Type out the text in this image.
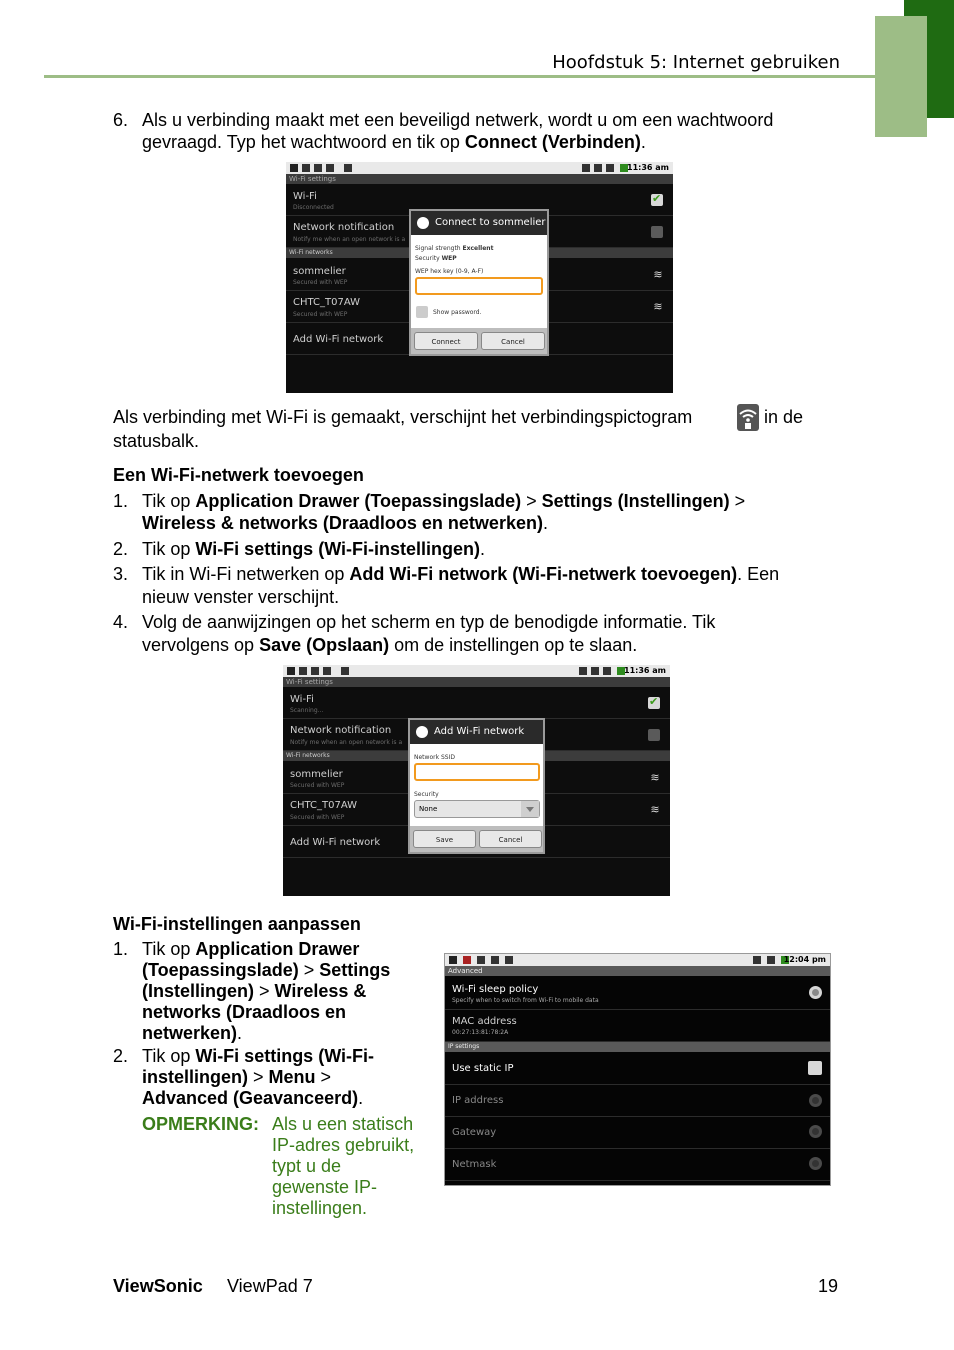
Hoofdstuk 5: Internet gebruiken
6. Als u verbinding maakt met een beveiligd netwerk, wordt u om een wachtwoord
gevraagd. Typ het wachtwoord en tik op Connect (Verbinden).
11:36 am
Wi-Fi settings
Wi-Fi
Disconnected
✔
Network notification
Notify me when an open network is a
Wi-Fi networks
sommelier
Secured with WEP
≋
CHTC_T07AW
Secured with WEP
≋
Add Wi-Fi network
Connect to sommelier
Signal strength Excellent
Security WEP
WEP hex key (0-9, A-F)
Show password.
Connect	Cancel
Als verbinding met Wi-Fi is gemaakt, verschijnt het verbindingspictogram	in de
statusbalk.
Een Wi-Fi-netwerk toevoegen
1. Tik op Application Drawer (Toepassingslade) > Settings (Instellingen) >
Wireless & networks (Draadloos en netwerken).
2. Tik op Wi-Fi settings (Wi-Fi-instellingen).
3. Tik in Wi-Fi netwerken op Add Wi-Fi network (Wi-Fi-netwerk toevoegen). Een
nieuw venster verschijnt.
4. Volg de aanwijzingen op het scherm en typ de benodigde informatie. Tik
vervolgens op Save (Opslaan) om de instellingen op te slaan.
11:36 am
Wi-Fi settings
Wi-Fi
Scanning...
✔
Network notification
Notify me when an open network is a
Wi-Fi networks
sommelier
Secured with WEP
≋
CHTC_T07AW
Secured with WEP
≋
Add Wi-Fi network
Add Wi-Fi network
Network SSID
Security
None
Save	Cancel
Wi-Fi-instellingen aanpassen
1. Tik op Application Drawer
(Toepassingslade) > Settings
(Instellingen) > Wireless &
networks (Draadloos en
netwerken).
2. Tik op Wi-Fi settings (Wi-Fi-
instellingen) > Menu >
Advanced (Geavanceerd).
OPMERKING: Als u een statisch
IP-adres gebruikt,
typt u de
gewenste IP-
instellingen.
12:04 pm
Advanced
Wi-Fi sleep policy
Specify when to switch from Wi-Fi to mobile data
MAC address
00:27:13:81:78:2A
IP settings
Use static IP
IP address
Gateway
Netmask
ViewSonic ViewPad 7	19
